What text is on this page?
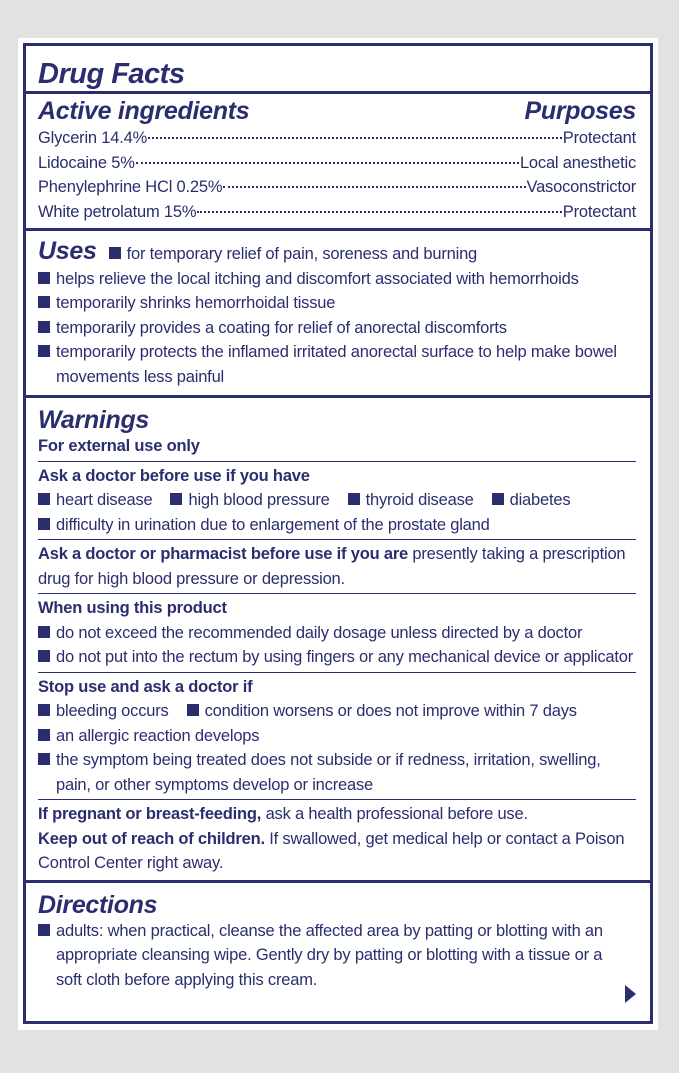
Drug Facts
Active ingredients	Purposes
Glycerin 14.4%	Protectant
Lidocaine 5%	Local anesthetic
Phenylephrine HCl 0.25%	Vasoconstrictor
White petrolatum 15%	Protectant
Uses for temporary relief of pain, soreness and burning
helps relieve the local itching and discomfort associated with hemorrhoids
temporarily shrinks hemorrhoidal tissue
temporarily provides a coating for relief of anorectal discomforts
temporarily protects the inflamed irritated anorectal surface to help make bowel movements less painful
Warnings
For external use only
Ask a doctor before use if you have
heart disease high blood pressure thyroid disease diabetes
difficulty in urination due to enlargement of the prostate gland
Ask a doctor or pharmacist before use if you are presently taking a prescription drug for high blood pressure or depression.
When using this product
do not exceed the recommended daily dosage unless directed by a doctor
do not put into the rectum by using fingers or any mechanical device or applicator
Stop use and ask a doctor if
bleeding occurs condition worsens or does not improve within 7 days
an allergic reaction develops
the symptom being treated does not subside or if redness, irritation, swelling, pain, or other symptoms develop or increase
If pregnant or breast-feeding, ask a health professional before use.
Keep out of reach of children. If swallowed, get medical help or contact a Poison Control Center right away.
Directions
adults: when practical, cleanse the affected area by patting or blotting with an appropriate cleansing wipe. Gently dry by patting or blotting with a tissue or a soft cloth before applying this cream.
